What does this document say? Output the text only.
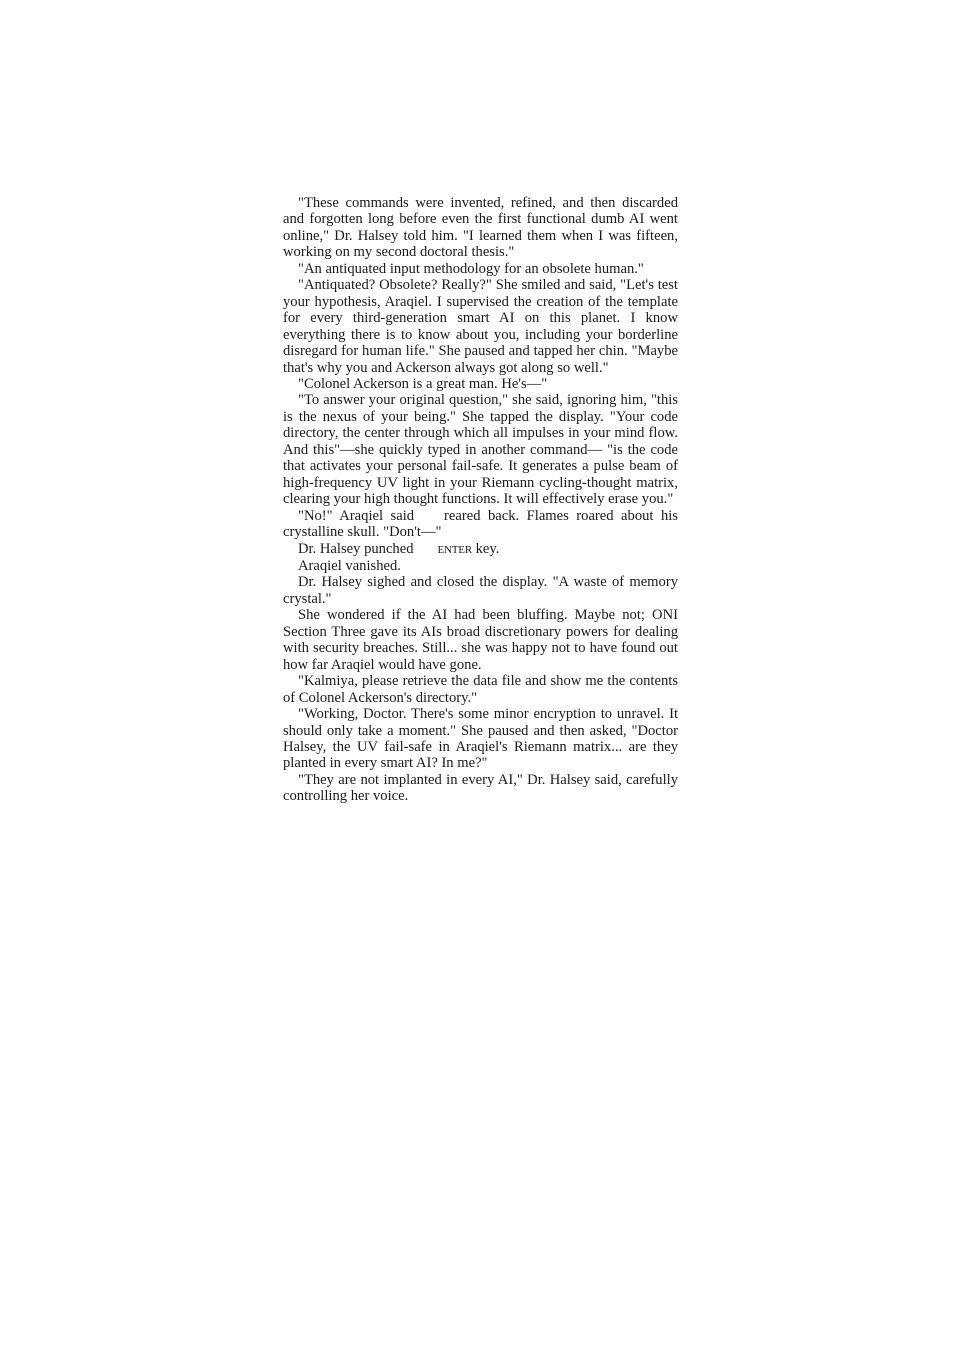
"These commands were invented, refined, and then discarded and forgotten long before even the first functional dumb AI went online," Dr. Halsey told him. "I learned them when I was fifteen, working on my second doctoral thesis."

"An antiquated input methodology for an obsolete human."

"Antiquated? Obsolete? Really?" She smiled and said, "Let's test your hypothesis, Araqiel. I supervised the creation of the template for every third-generation smart AI on this planet. I know everything there is to know about you, including your borderline disregard for human life." She paused and tapped her chin. "Maybe that's why you and Ackerson always got along so well."

"Colonel Ackerson is a great man. He's—"

"To answer your original question," she said, ignoring him, "this is the nexus of your being." She tapped the display. "Your code directory, the center through which all impulses in your mind flow. And this"—she quickly typed in another command— "is the code that activates your personal fail-safe. It generates a pulse beam of high-frequency UV light in your Riemann cycling-thought matrix, clearing your high thought functions. It will effectively erase you."

"No!" Araqiel said reared back. Flames roared about his crystalline skull. "Don't—"

Dr. Halsey punched ENTER key.

Araqiel vanished.

Dr. Halsey sighed and closed the display. "A waste of memory crystal."

She wondered if the AI had been bluffing. Maybe not; ONI Section Three gave its AIs broad discretionary powers for dealing with security breaches. Still... she was happy not to have found out how far Araqiel would have gone.

"Kalmiya, please retrieve the data file and show me the contents of Colonel Ackerson's directory."

"Working, Doctor. There's some minor encryption to unravel. It should only take a moment." She paused and then asked, "Doctor Halsey, the UV fail-safe in Araqiel's Riemann matrix... are they planted in every smart AI? In me?"

"They are not implanted in every AI," Dr. Halsey said, carefully controlling her voice.
